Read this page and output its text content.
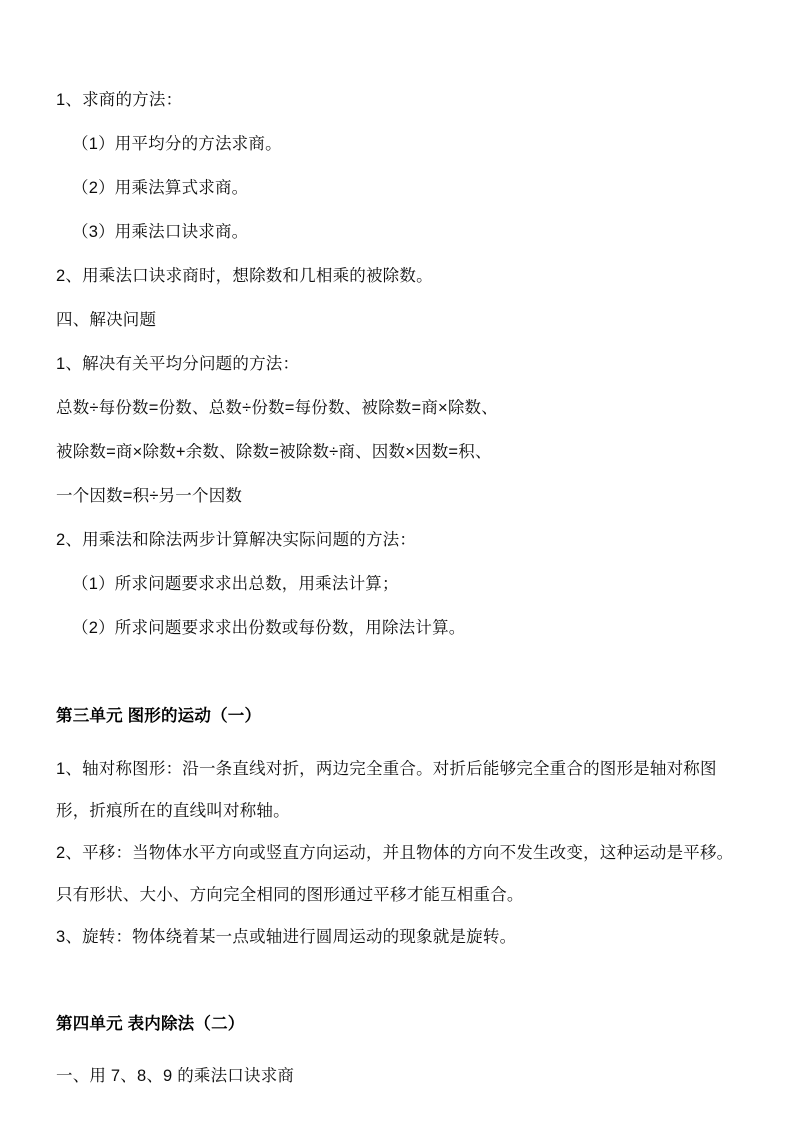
1、求商的方法：

（1）用平均分的方法求商。

（2）用乘法算式求商。

（3）用乘法口诀求商。

2、用乘法口诀求商时，想除数和几相乘的被除数。

四、解决问题

1、解决有关平均分问题的方法：

总数÷每份数=份数、总数÷份数=每份数、被除数=商×除数、

被除数=商×除数+余数、除数=被除数÷商、因数×因数=积、

一个因数=积÷另一个因数

2、用乘法和除法两步计算解决实际问题的方法：

（1）所求问题要求求出总数，用乘法计算；

（2）所求问题要求求出份数或每份数，用除法计算。

第三单元 图形的运动（一）

1、轴对称图形：沿一条直线对折，两边完全重合。对折后能够完全重合的图形是轴对称图形，折痕所在的直线叫对称轴。

2、平移：当物体水平方向或竖直方向运动，并且物体的方向不发生改变，这种运动是平移。只有形状、大小、方向完全相同的图形通过平移才能互相重合。

3、旋转：物体绕着某一点或轴进行圆周运动的现象就是旋转。

第四单元 表内除法（二）

一、用 7、8、9 的乘法口诀求商
